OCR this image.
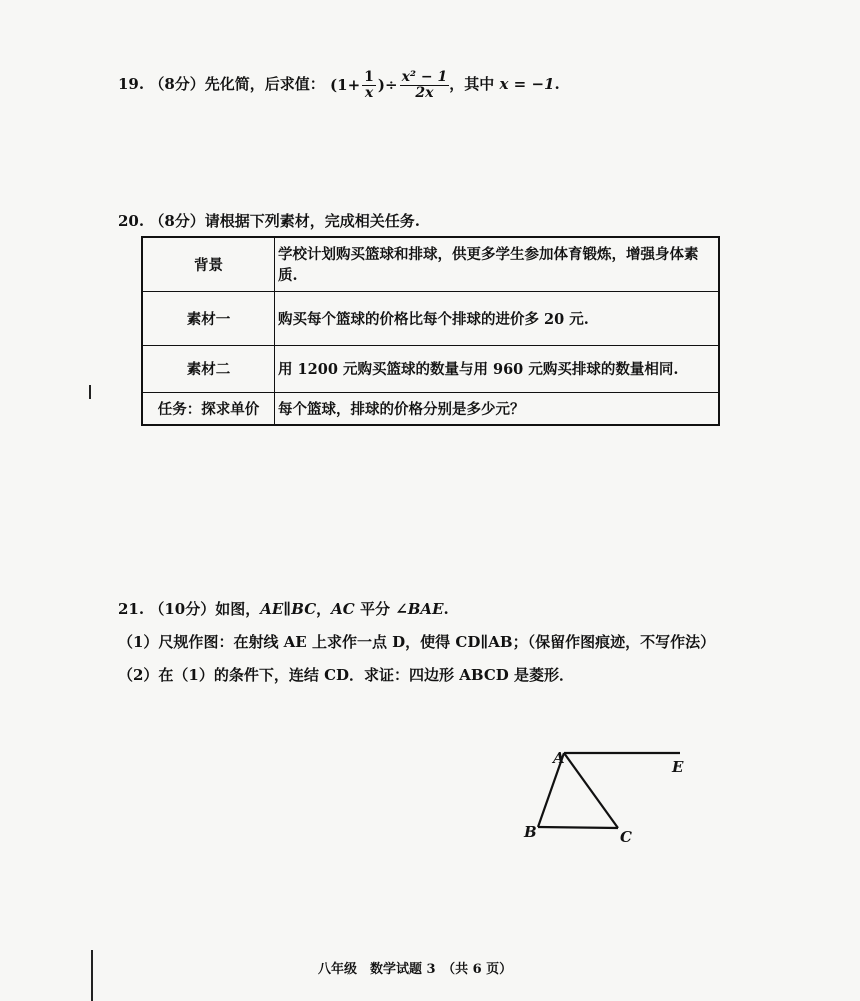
19. （8分）先化简，后求值： ($1+ \frac{1}{x}$ )÷ $\frac{\text{x² − 1}}{2x}$ ，其中 x = −1.
20. （8分）请根据下列素材，完成相关任务.
背景	学校计划购买篮球和排球，供更多学生参加体育锻炼，增强身体素质.
素材一	购买每个篮球的价格比每个排球的进价多 20 元.
素材二	用 1200 元购买篮球的数量与用 960 元购买排球的数量相同.
任务：探求单价	每个篮球，排球的价格分别是多少元？
21. （10分）如图，AE∥BC，AC 平分 ∠BAE.
（1）尺规作图：在射线 AE 上求作一点 D，使得 CD∥AB；（保留作图痕迹，不写作法）
（2）在（1）的条件下，连结 CD．求证：四边形 ABCD 是菱形．
A	E
B	C
八年级　数学试题 3　（共 6 页）
